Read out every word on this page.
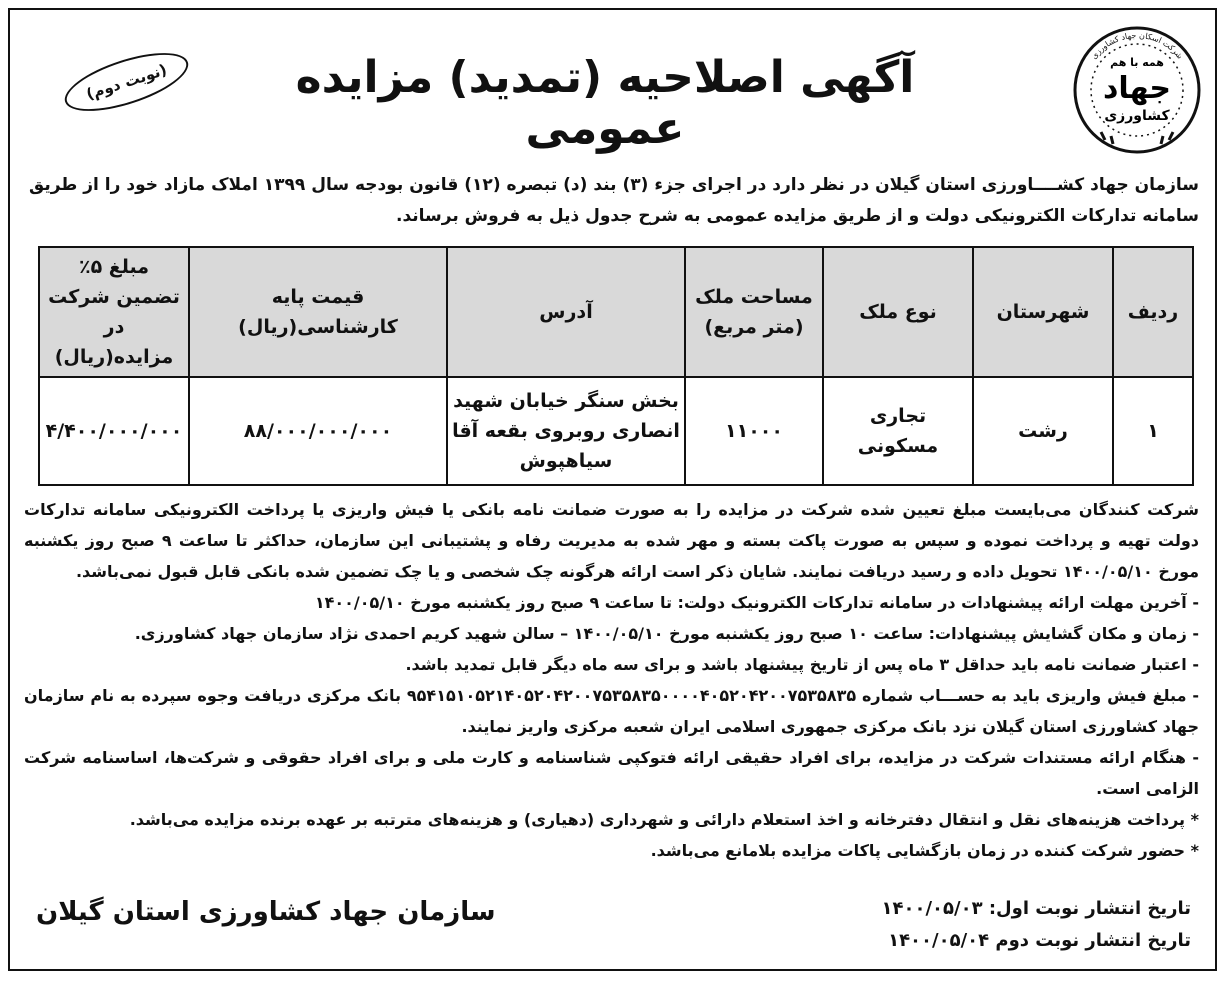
شرکت اسکان جهاد کشاورزی
همه با هم
جهاد
کشاورزی
آگهی اصلاحیه (تمدید) مزایده عمومی
(نوبت دوم)
سازمان جهاد کشــــاورزی استان گیلان در نظر دارد در اجرای جزء (۳) بند (د) تبصره (۱۲) قانون بودجه سال ۱۳۹۹ املاک مازاد خود را از طریق سامانه تدارکات الکترونیکی دولت و از طریق مزایده عمومی به شرح جدول ذیل به فروش برساند.
ردیف	شهرستان	نوع ملک	مساحت ملک (متر مربع)	آدرس	قیمت پایه کارشناسی(ریال)	مبلغ ۵٪ تضمین شرکت در مزایده(ریال)
۱	رشت	تجاری مسکونی	۱۱۰۰۰	بخش سنگر خیابان شهید انصاری روبروی بقعه آقا سیاهپوش	۸۸/۰۰۰/۰۰۰/۰۰۰	۴/۴۰۰/۰۰۰/۰۰۰

شرکت کنندگان می‌بایست مبلغ تعیین شده شرکت در مزایده را به صورت ضمانت نامه بانکی یا فیش واریزی یا پرداخت الکترونیکی سامانه تدارکات دولت تهیه و پرداخت نموده و سپس به صورت پاکت بسته و مهر شده به مدیریت رفاه و پشتیبانی این سازمان، حداکثر تا ساعت ۹ صبح روز یکشنبه مورخ ۱۴۰۰/۰۵/۱۰ تحویل داده و رسید دریافت نمایند. شایان ذکر است ارائه هرگونه چک شخصی و یا چک تضمین شده بانکی قابل قبول نمی‌باشد.

- آخرین مهلت ارائه پیشنهادات در سامانه تدارکات الکترونیک دولت: تا ساعت ۹ صبح روز یکشنبه مورخ ۱۴۰۰/۰۵/۱۰

- زمان و مکان گشایش پیشنهادات: ساعت ۱۰ صبح روز یکشنبه مورخ ۱۴۰۰/۰۵/۱۰ – سالن شهید کریم احمدی نژاد سازمان جهاد کشاورزی.

- اعتبار ضمانت نامه باید حداقل ۳ ماه پس از تاریخ پیشنهاد باشد و برای سه ماه دیگر قابل تمدید باشد.

- مبلغ فیش واریزی باید به حســـاب شماره ۹۵۴۱۵۱۰۵۲۱۴۰۵۲۰۴۲۰۰۷۵۳۵۸۳۵۰۰۰۰۴۰۵۲۰۴۲۰۰۷۵۳۵۸۳۵ بانک مرکزی دریافت وجوه سپرده به نام سازمان جهاد کشاورزی استان گیلان نزد بانک مرکزی جمهوری اسلامی ایران شعبه مرکزی واریز نمایند.

- هنگام ارائه مستندات شرکت در مزایده، برای افراد حقیقی ارائه فتوکپی شناسنامه و کارت ملی و برای افراد حقوقی و شرکت‌ها، اساسنامه شرکت الزامی است.

* پرداخت هزینه‌های نقل و انتقال دفترخانه و اخذ استعلام دارائی و شهرداری (دهیاری) و هزینه‌های مترتبه بر عهده برنده مزایده می‌باشد.

* حضور شرکت کننده در زمان بازگشایی پاکات مزایده بلامانع می‌باشد.

تاریخ انتشار نوبت اول: ۱۴۰۰/۰۵/۰۳
تاریخ انتشار نوبت دوم ۱۴۰۰/۰۵/۰۴
سازمان جهاد کشاورزی استان گیلان
